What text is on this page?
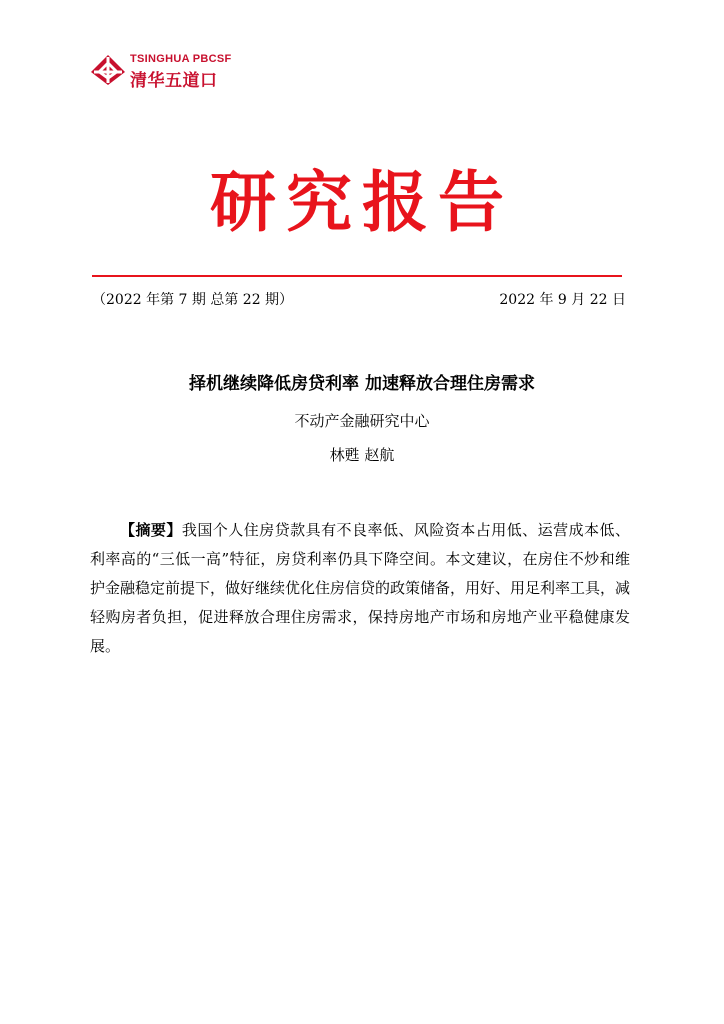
TSINGHUA PBCSF
清华五道口
研究报告
（2022 年第 7 期 总第 22 期）	2022 年 9 月 22 日
择机继续降低房贷利率 加速释放合理住房需求
不动产金融研究中心
林甦 赵航
【摘要】我国个人住房贷款具有不良率低、风险资本占用低、运营成本低、利率高的“三低一高”特征，房贷利率仍具下降空间。本文建议，在房住不炒和维护金融稳定前提下，做好继续优化住房信贷的政策储备，用好、用足利率工具，减轻购房者负担，促进释放合理住房需求，保持房地产市场和房地产业平稳健康发展。
